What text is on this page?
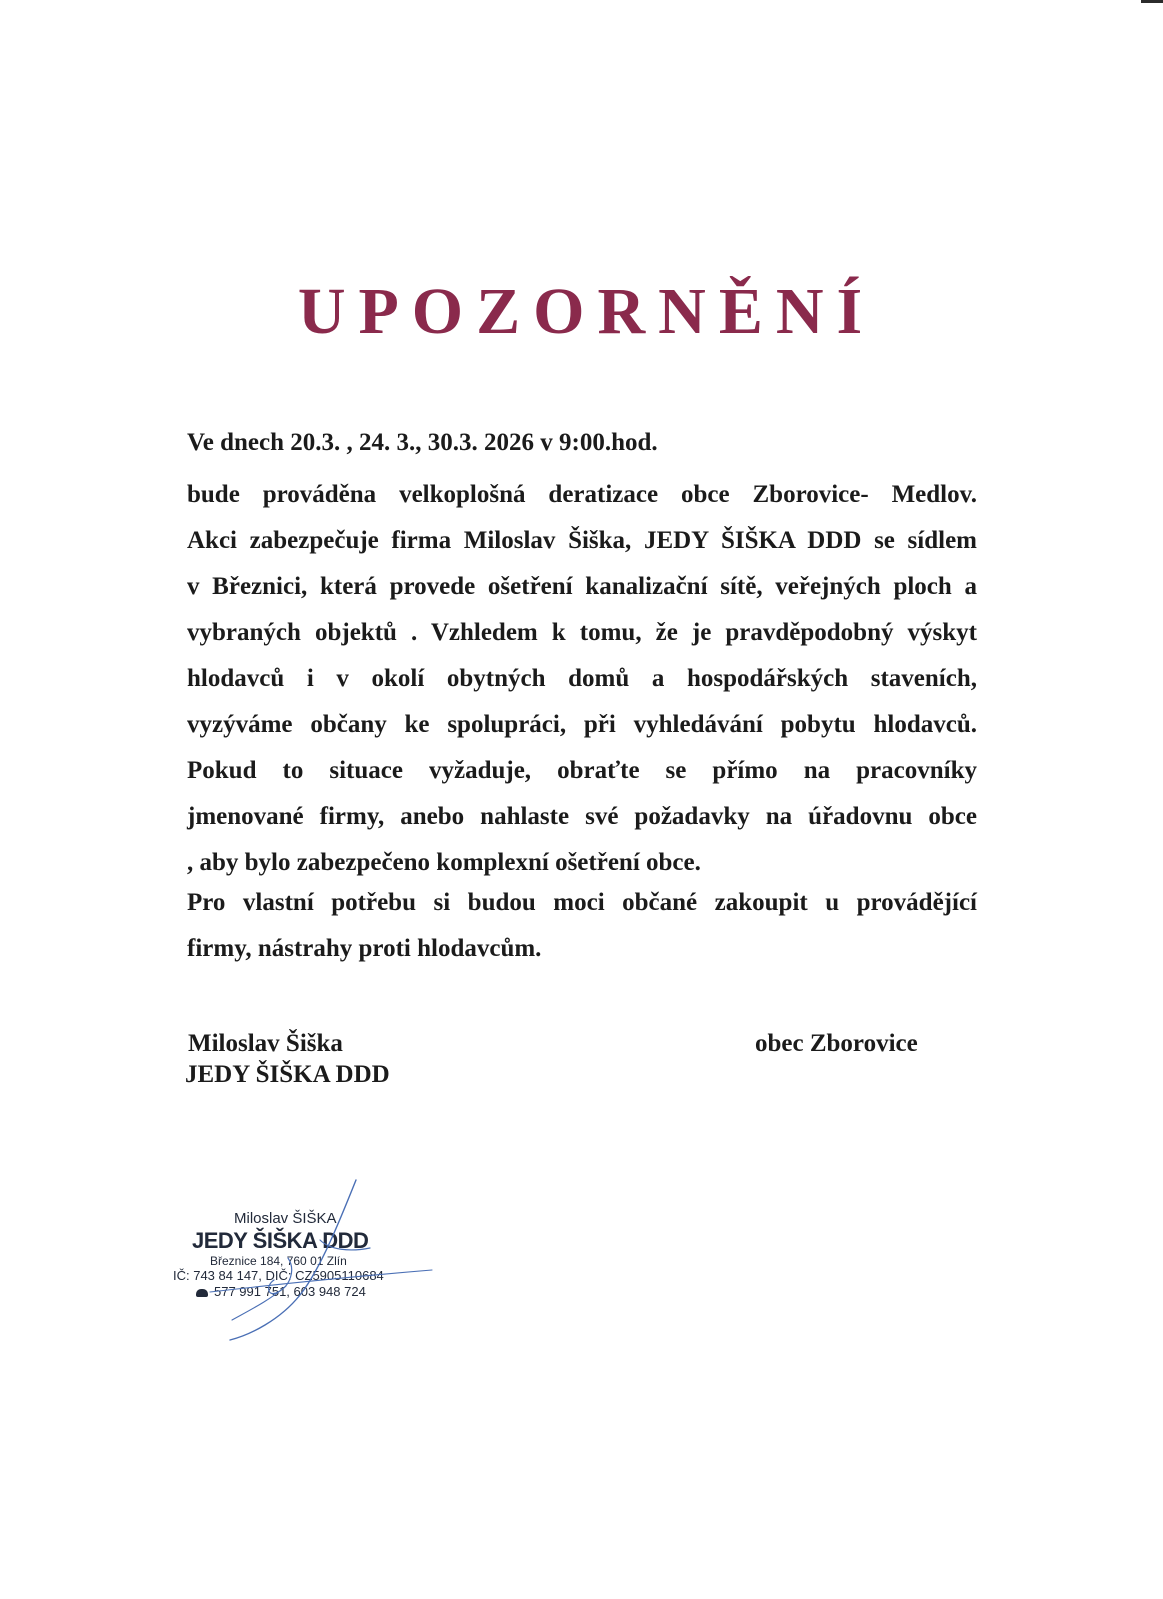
UPOZORNĚNÍ
Ve dnech 20.3. , 24. 3., 30.3. 2026 v 9:00.hod.
bude prováděna velkoplošná deratizace obce Zborovice- Medlov.
Akci zabezpečuje firma Miloslav Šiška, JEDY ŠIŠKA DDD se sídlem
v Březnici, která provede ošetření kanalizační sítě, veřejných ploch a
vybraných objektů . Vzhledem k tomu, že je pravděpodobný výskyt
hlodavců i v okolí obytných domů a hospodářských staveních,
vyzýváme občany ke spolupráci, při vyhledávání pobytu hlodavců.
Pokud to situace vyžaduje, obraťte se přímo na pracovníky
jmenované firmy, anebo nahlaste své požadavky na úřadovnu obce
, aby bylo zabezpečeno komplexní ošetření obce.
Pro vlastní potřebu si budou moci občané zakoupit u provádějící
firmy, nástrahy proti hlodavcům.
Miloslav Šiška
JEDY ŠIŠKA DDD
obec Zborovice
Miloslav ŠIŠKA
JEDY ŠIŠKA DDD
Březnice 184, 760 01 Zlín
IČ: 743 84 147, DIČ: CZ5905110684
577 991 751, 603 948 724
